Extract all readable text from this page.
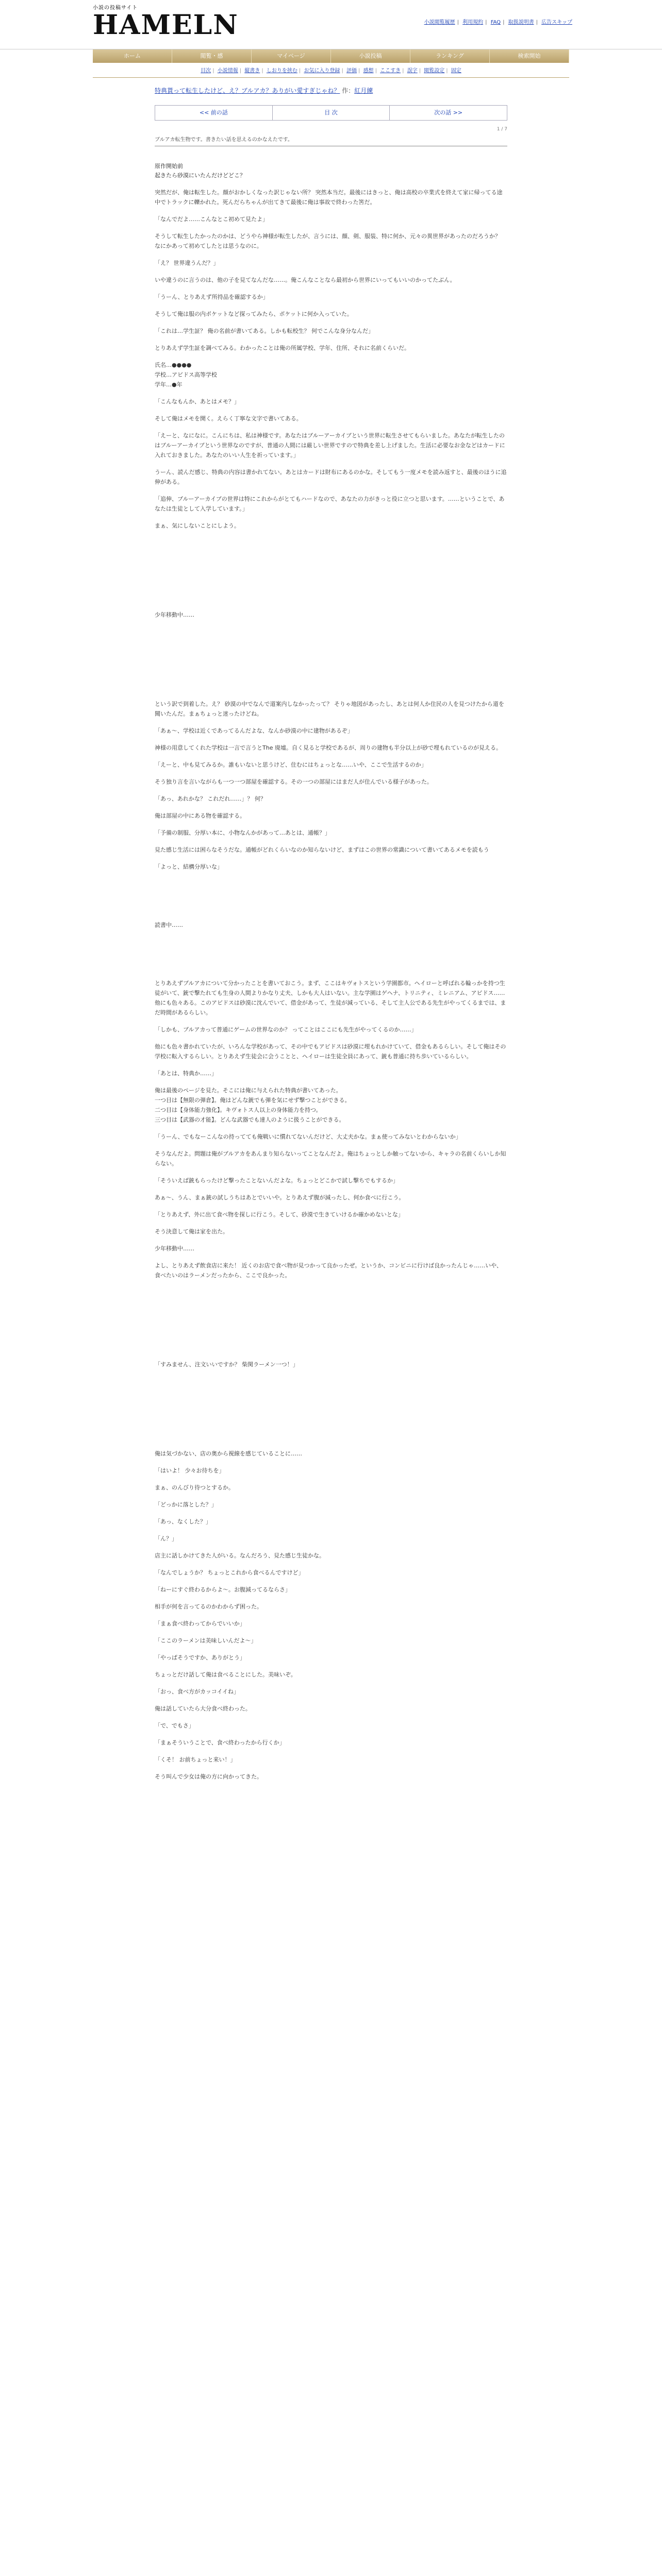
小説の投稿サイト
HAMELN	小説閲覧履歴 | 利用規約 | FAQ | 取扱説明書 | 広告スキップ
ホーム	閲覧・感	マイページ	小説投稿	ランキング	検索開始
目次 | 小説情報 | 縦書き | しおりを挟む | お気に入り登録 | 評価 | 感想 | ここすき | 誤字 | 閲覧設定 | 固定
特典貰って転生したけど、え？ブルアカ？ありがい愛すぎじゃね？ 作：紅月練
<< 前の話	目 次	次の話 >>
1 / 7
ブルアカ転生物です。書きたい話を思えるのかなえたです。
原作開始前
起きたら砂漠にいたんだけどどこ？
突然だが、俺は転生した。顔がおかしくなった訳じゃない所？ 突然本当だ。最後にはきっと、俺は高校の卒業式を終えて家に帰ってる途中でトラックに轢かれた。死んだらちゃんが出てきて最後に俺は事故で終わった筈だ。
「なんでだよ……こんなとこ初めて見たよ」
そうして転生したかったのかは、どうやら神様が転生したが、言うには、顔、剣、服装、特に何か、元々の異世界があったのだろうか？ なにかあって初めてしたとは思うなのに。
「え？ 世界違うんだ？」
いや違うのに言うのは、他の子を見てなんだな……。俺こんなことなら最初から世界にいってもいいのかってたぶん。
「うーん、とりあえず所持品を確認するか」
そうして俺は服の内ポケットなど探ってみたら、ポケットに何か入っていた。
「これは…学生証？ 俺の名前が書いてある。しかも転校生？ 何でこんな身分なんだ」
とりあえず学生証を調べてみる。わかったことは俺の所属学校、学年、住所、それに名前くらいだ。
氏名…●●●●
学校…アビドス高等学校
学年…●年
「こんなもんか、あとはメモ？」
そして俺はメモを開く。えらく丁寧な文字で書いてある。
「えーと、なになに。こんにちは、私は神様です。あなたはブルーアーカイブという世界に転生させてもらいました。あなたが転生したのはブルーアーカイブという世界なのですが、普通の人間には厳しい世界ですので特典を差し上げました。生活に必要なお金などはカードに入れておきました。あなたのいい人生を祈っています。」
うーん、読んだ感じ、特典の内容は書かれてない。あとはカードは財布にあるのかな。そしてもう一度メモを読み返すと、最後のほうに追伸がある。
「追伸、ブルーアーカイブの世界は特にこれからがとてもハードなので、あなたの力がきっと役に立つと思います。……ということで、あなたは生徒として入学しています。」
まぁ、気にしないことにしよう。
少年移動中……
という訳で到着した。え？ 砂漠の中でなんで道案内しなかったって？ そりゃ地図があったし、あとは何人か住民の人を見つけたから道を聞いたんだ。まぁちょっと迷ったけどね。
「あぁ～、学校は近くであってるんだよな、なんか砂漠の中に建物があるぞ」
神様の用意してくれた学校は一言で言うとThe 廃墟。自く見ると学校であるが、周りの建物も半分以上が砂で埋もれているのが見える。
「えーと、中も見てみるか。誰もいないと思うけど、住むにはちょっとな……いや、ここで生活するのか」
そう独り言を言いながらも一つ一つ部屋を確認する。その一つの部屋にはまだ人が住んでいる様子があった。
「あっ、あれかな？ これだれ……」？ 何？
俺は部屋の中にある物を確認する。
「予備の制服、分厚い本に、小物なんかがあって…あとは、通帳？」
見た感じ生活には困らなそうだな。通帳がどれくらいなのか知らないけど、まずはこの世界の常識について書いてあるメモを読もう
「よっと、結構分厚いな」
読書中……
とりあえずブルアカについて分かったことを書いておこう。まず、ここはキヴォトスという学園都市。ヘイローと呼ばれる輪っかを持つ生徒がいて、銃で撃たれても生身の人間よりかなり丈夫、しかも大人はいない。主な学園はゲヘナ、トリニティ、ミレニアム、アビドス……他にも色々ある。このアビドスは砂漠に沈んでいて、借金があって、生徒が減っている、そして主人公である先生がやってくるまでは、まだ時間があるらしい。
「しかも、ブルアカって普通にゲームの世界なのか？ ってことはここにも先生がやってくるのか……」
他にも色々書かれていたが、いろんな学校があって、その中でもアビドスは砂漠に埋もれかけていて、借金もあるらしい。そして俺はその学校に転入するらしい。とりあえず生徒会に会うことと、ヘイローは生徒全員にあって、銃も普通に持ち歩いているらしい。
「あとは、特典か……」
俺は最後のページを見た。そこには俺に与えられた特典が書いてあった。
一つ目は【無限の弾倉】。俺はどんな銃でも弾を気にせず撃つことができる。
二つ目は【身体能力強化】。キヴォトス人以上の身体能力を持つ。
三つ目は【武器の才能】。どんな武器でも達人のように扱うことができる。
「うーん、でもなーこんなの持ってても俺戦いに慣れてないんだけど、大丈夫かな。まぁ使ってみないとわからないか」
そうなんだよ。問題は俺がブルアカをあんまり知らないってことなんだよ。俺はちょっとしか触ってないから、キャラの名前くらいしか知らない。
「そういえば銃もらったけど撃ったことないんだよな。ちょっとどこかで試し撃ちでもするか」
あぁ～、うん、まぁ銃の試しうちはあとでいいや。とりあえず腹が減ったし、何か食べに行こう。
「とりあえず、外に出て食べ物を探しに行こう。そして、砂漠で生きていけるか確かめないとな」
そう決意して俺は家を出た。
少年移動中……
よし、とりあえず飲食店に来た！ 近くのお店で食べ物が見つかって良かったぜ。というか、コンビニに行けば良かったんじゃ……いや、食べたいのはラーメンだったから、ここで良かった。
「すみません、注文いいですか？ 柴関ラーメン一つ！」
俺は気づかない、店の奥から視線を感じていることに……
「はいよ！ 少々お待ちを」
まぁ、のんびり待つとするか。
「どっかに落とした？」
「あっ、なくした？」
「ん？」
店主に話しかけてきた人がいる。なんだろう、見た感じ生徒かな。
「なんでしょうか？ ちょっとこれから食べるんですけど」
「ねーにすぐ終わるからよ～。お腹減ってるならさ」
相手が何を言ってるのかわからず困った。
「まぁ食べ終わってからでいいか」
「ここのラーメンは美味しいんだよ～」
「やっぱそうですか、ありがとう」
ちょっとだけ話して俺は食べることにした。美味いぞ。
「おっ、食べ方がカッコイイね」
俺は話していたら大分食べ終わった。
「で、でもさ」
「まぁそういうことで、食べ終わったから行くか」
「くそ！ お前ちょっと来い！」
そう叫んで少女は俺の方に向かってきた。
